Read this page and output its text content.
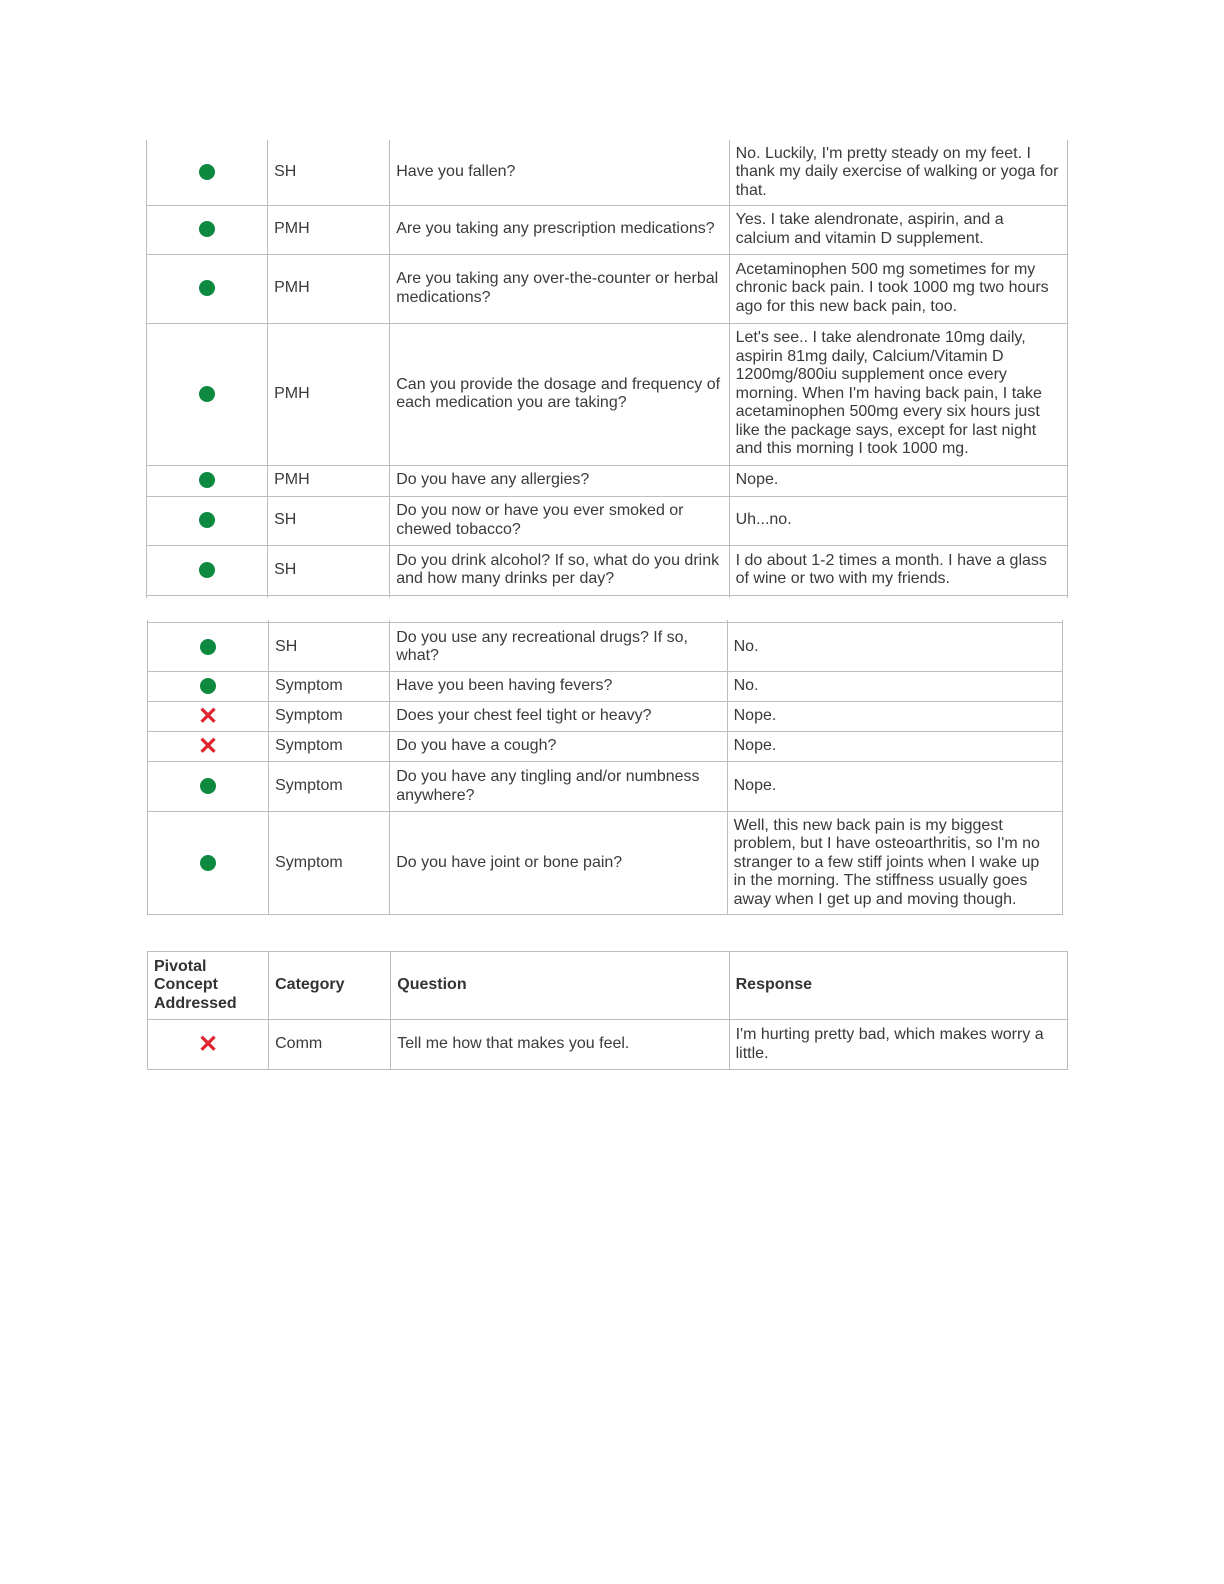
	SH	Have you fallen?	No. Luckily, I'm pretty steady on my feet. I thank my daily exercise of walking or yoga for that.
	PMH	Are you taking any prescription medications?	Yes. I take alendronate, aspirin, and a calcium and vitamin D supplement.
	PMH	Are you taking any over-the-counter or herbal medications?	Acetaminophen 500 mg sometimes for my chronic back pain. I took 1000 mg two hours ago for this new back pain, too.
	PMH	Can you provide the dosage and frequency of each medication you are taking?	Let's see.. I take alendronate 10mg daily, aspirin 81mg daily, Calcium/Vitamin D 1200mg/800iu supplement once every morning. When I'm having back pain, I take acetaminophen 500mg every six hours just like the package says, except for last night and this morning I took 1000 mg.
	PMH	Do you have any allergies?	Nope.
	SH	Do you now or have you ever smoked or chewed tobacco?	Uh...no.
	SH	Do you drink alcohol? If so, what do you drink and how many drinks per day?	I do about 1-2 times a month. I have a glass of wine or two with my friends.

	SH	Do you use any recreational drugs? If so, what?	No.
	Symptom	Have you been having fevers?	No.
✕	Symptom	Does your chest feel tight or heavy?	Nope.
✕	Symptom	Do you have a cough?	Nope.
	Symptom	Do you have any tingling and/or numbness anywhere?	Nope.
	Symptom	Do you have joint or bone pain?	Well, this new back pain is my biggest problem, but I have osteoarthritis, so I'm no stranger to a few stiff joints when I wake up in the morning. The stiffness usually goes away when I get up and moving though.
Pivotal Concept Addressed	Category	Question	Response
✕	Comm	Tell me how that makes you feel.	I'm hurting pretty bad, which makes worry a little.
